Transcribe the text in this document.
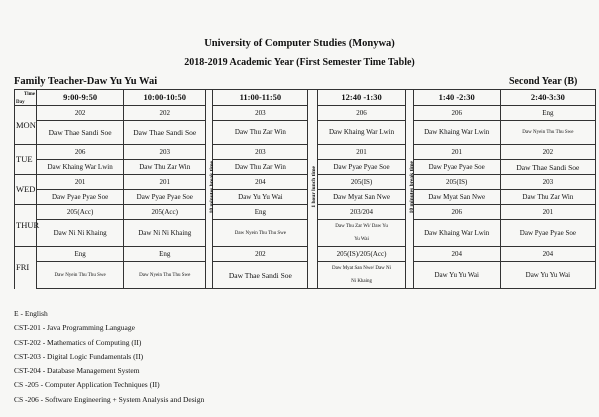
University of Computer Studies (Monywa)
2018-2019 Academic Year (First Semester Time Table)
Family Teacher-Daw Yu Yu Wai	Second Year (B)
Time
Day	9:00-9:50	10:00-10:50	10 minutes break time	11:00-11:50	1 hour lunch time	12:40 -1:30	10 minutes break time	1:40 -2:30	2:40-3:30
MON	202	202		203		206		206	Eng
	Daw Thae Sandi Soe	Daw Thae Sandi Soe		Daw Thu Zar Win		Daw Khaing War Lwin		Daw Khaing War Lwin	Daw Nyein Thu Thu Swe
TUE	206	203		203		201		201	202
	Daw Khaing War Lwin	Daw Thu Zar Win		Daw Thu Zar Win		Daw Pyae Pyae Soe		Daw Pyae Pyae Soe	Daw Thae Sandi Soe
WED	201	201		204		205(IS)		205(IS)	203
	Daw Pyae Pyae Soe	Daw Pyae Pyae Soe		Daw Yu Yu Wai		Daw Myat San Nwe		Daw Myat San Nwe	Daw Thu Zar Win
THUR	205(Acc)	205(Acc)		Eng		203/204		206	201
	Daw Ni Ni Khaing	Daw Ni Ni Khaing		Daw Nyein Thu Thu Swe		Daw Thu Zar Wi/ Daw Yu Yu Wai		Daw Khaing War Lwin	Daw Pyae Pyae Soe
FRI	Eng	Eng		202		205(IS)/205(Acc)		204	204
	Daw Nyein Thu Thu Swe	Daw Nyein Thu Thu Swe		Daw Thae Sandi Soe		Daw Myat San Nwe/ Daw Ni Ni Khaing		Daw Yu Yu Wai	Daw Yu Yu Wai
E - English
CST-201 - Java Programming Language
CST-202 - Mathematics of Computing (II)
CST-203 - Digital Logic Fundamentals (II)
CST-204 - Database Management System
CS -205 - Computer Application Techniques (II)
CS -206 - Software Engineering + System Analysis and Design
